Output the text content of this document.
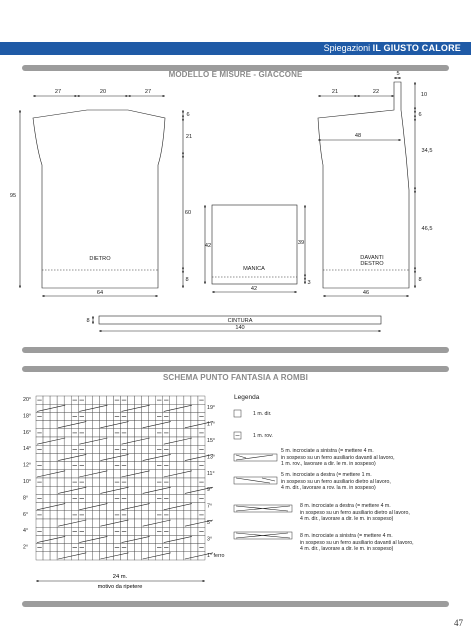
Spiegazioni IL GIUSTO CALORE
MODELLO E MISURE - GIACCONE
SCHEMA PUNTO FANTASIA A ROMBI
27	20	27
6
21
95
60
8
DIETRO
64
42	39
3
MANICA
42
5
21	22	10
6
48
34,5
46,5
8
DAVANTI
DESTRO
46
8	CINTURA
140
20°
18°
16°
14°
12°
10°
8°
6°
4°
2°
19°
17°
15°
13°
11°
9°
7°
5°
3°
1° ferro
24 m.
motivo da ripetere
Legenda
1 m. dir.
1 m. rov.
5 m. incrociate a sinistra (= mettere 4 m.
in sospeso su un ferro ausiliario davanti al lavoro,
1 m. rov., lavorare a dir. le m. in sospeso)
5 m. incrociate a destra (= mettere 1 m.
in sospeso su un ferro ausiliario dietro al lavoro,
4 m. dir., lavorare a rov. la m. in sospeso)
8 m. incrociate a destra (= mettere 4 m.
in sospeso su un ferro ausiliario dietro al lavoro,
4 m. dir., lavorare a dir. le m. in sospeso)
8 m. incrociate a sinistra (= mettere 4 m.
in sospeso su un ferro ausiliario davanti al lavoro,
4 m. dir., lavorare a dir. le m. in sospeso)
47
